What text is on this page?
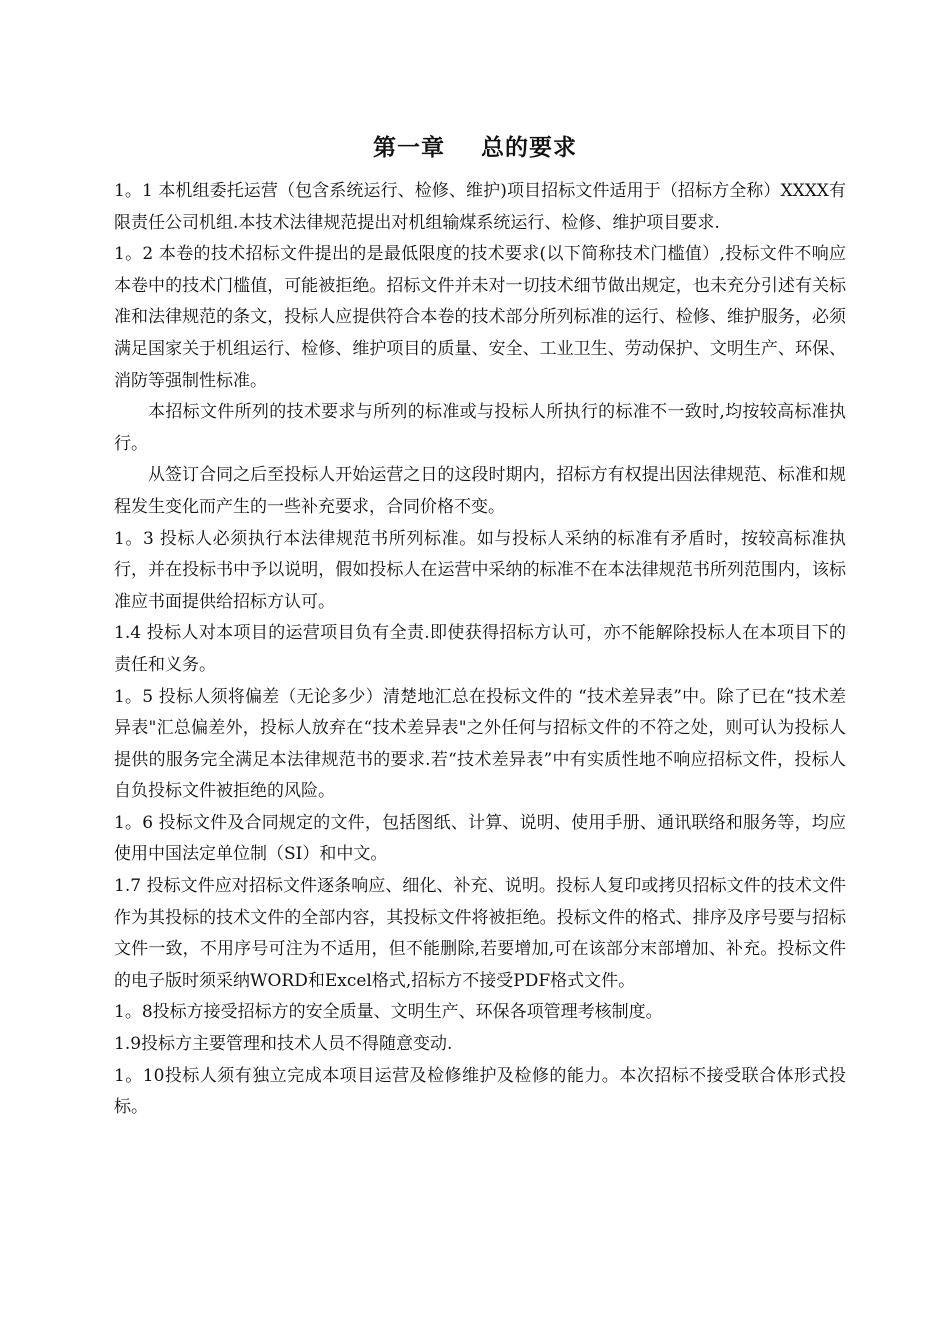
第一章    总的要求

1。1 本机组委托运营（包含系统运行、检修、维护)项目招标文件适用于（招标方全称）XXXX有限责任公司机组.本技术法律规范提出对机组输煤系统运行、检修、维护项目要求.

1。2 本卷的技术招标文件提出的是最低限度的技术要求(以下简称技术门槛值）,投标文件不响应本卷中的技术门槛值，可能被拒绝。招标文件并未对一切技术细节做出规定，也未充分引述有关标准和法律规范的条文，投标人应提供符合本卷的技术部分所列标准的运行、检修、维护服务，必须满足国家关于机组运行、检修、维护项目的质量、安全、工业卫生、劳动保护、文明生产、环保、消防等强制性标准。

本招标文件所列的技术要求与所列的标准或与投标人所执行的标准不一致时,均按较高标准执行。

从签订合同之后至投标人开始运营之日的这段时期内，招标方有权提出因法律规范、标准和规程发生变化而产生的一些补充要求，合同价格不变。

1。3 投标人必须执行本法律规范书所列标准。如与投标人采纳的标准有矛盾时，按较高标准执行，并在投标书中予以说明，假如投标人在运营中采纳的标准不在本法律规范书所列范围内，该标准应书面提供给招标方认可。

1.4 投标人对本项目的运营项目负有全责.即使获得招标方认可，亦不能解除投标人在本项目下的责任和义务。

1。5 投标人须将偏差（无论多少）清楚地汇总在投标文件的 “技术差异表”中。除了已在“技术差异表"汇总偏差外，投标人放弃在“技术差异表"之外任何与招标文件的不符之处，则可认为投标人提供的服务完全满足本法律规范书的要求.若“技术差异表”中有实质性地不响应招标文件，投标人自负投标文件被拒绝的风险。

1。6 投标文件及合同规定的文件，包括图纸、计算、说明、使用手册、通讯联络和服务等，均应使用中国法定单位制（SI）和中文。

1.7 投标文件应对招标文件逐条响应、细化、补充、说明。投标人复印或拷贝招标文件的技术文件作为其投标的技术文件的全部内容，其投标文件将被拒绝。投标文件的格式、排序及序号要与招标文件一致，不用序号可注为不适用，但不能删除,若要增加,可在该部分末部增加、补充。投标文件的电子版时须采纳WORD和Excel格式,招标方不接受PDF格式文件。

1。8投标方接受招标方的安全质量、文明生产、环保各项管理考核制度。

1.9投标方主要管理和技术人员不得随意变动.

1。10投标人须有独立完成本项目运营及检修维护及检修的能力。本次招标不接受联合体形式投标。
